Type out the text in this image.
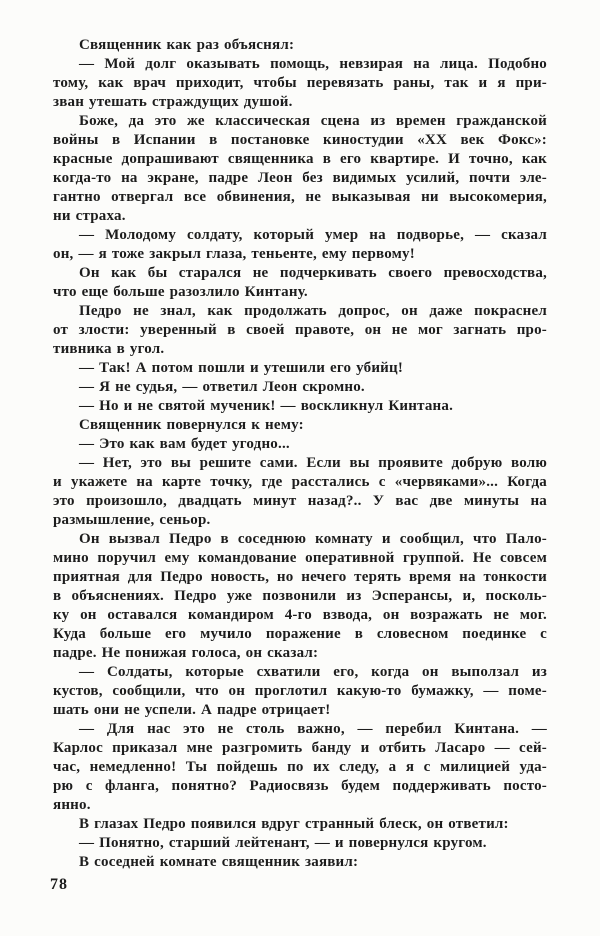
Священник как раз объяснял:
— Мой долг оказывать помощь, невзирая на лица. Подобно
тому, как врач приходит, чтобы перевязать раны, так и я при-
зван утешать страждущих душой.
Боже, да это же классическая сцена из времен гражданской
войны в Испании в постановке киностудии «XX век Фокс»:
красные допрашивают священника в его квартире. И точно, как
когда-то на экране, падре Леон без видимых усилий, почти эле-
гантно отвергал все обвинения, не выказывая ни высокомерия,
ни страха.
— Молодому солдату, который умер на подворье, — сказал
он, — я тоже закрыл глаза, теньенте, ему первому!
Он как бы старался не подчеркивать своего превосходства,
что еще больше разозлило Кинтану.
Педро не знал, как продолжать допрос, он даже покраснел
от злости: уверенный в своей правоте, он не мог загнать про-
тивника в угол.
— Так! А потом пошли и утешили его убийц!
— Я не судья, — ответил Леон скромно.
— Но и не святой мученик! — воскликнул Кинтана.
Священник повернулся к нему:
— Это как вам будет угодно...
— Нет, это вы решите сами. Если вы проявите добрую волю
и укажете на карте точку, где расстались с «червяками»... Когда
это произошло, двадцать минут назад?.. У вас две минуты на
размышление, сеньор.
Он вызвал Педро в соседнюю комнату и сообщил, что Пало-
мино поручил ему командование оперативной группой. Не совсем
приятная для Педро новость, но нечего терять время на тонкости
в объяснениях. Педро уже позвонили из Эсперансы, и, посколь-
ку он оставался командиром 4-го взвода, он возражать не мог.
Куда больше его мучило поражение в словесном поединке с
падре. Не понижая голоса, он сказал:
— Солдаты, которые схватили его, когда он выползал из
кустов, сообщили, что он проглотил какую-то бумажку, — поме-
шать они не успели. А падре отрицает!
— Для нас это не столь важно, — перебил Кинтана. —
Карлос приказал мне разгромить банду и отбить Ласаро — сей-
час, немедленно! Ты пойдешь по их следу, а я с милицией уда-
рю с фланга, понятно? Радиосвязь будем поддерживать посто-
янно.
В глазах Педро появился вдруг странный блеск, он ответил:
— Понятно, старший лейтенант, — и повернулся кругом.
В соседней комнате священник заявил:
78
